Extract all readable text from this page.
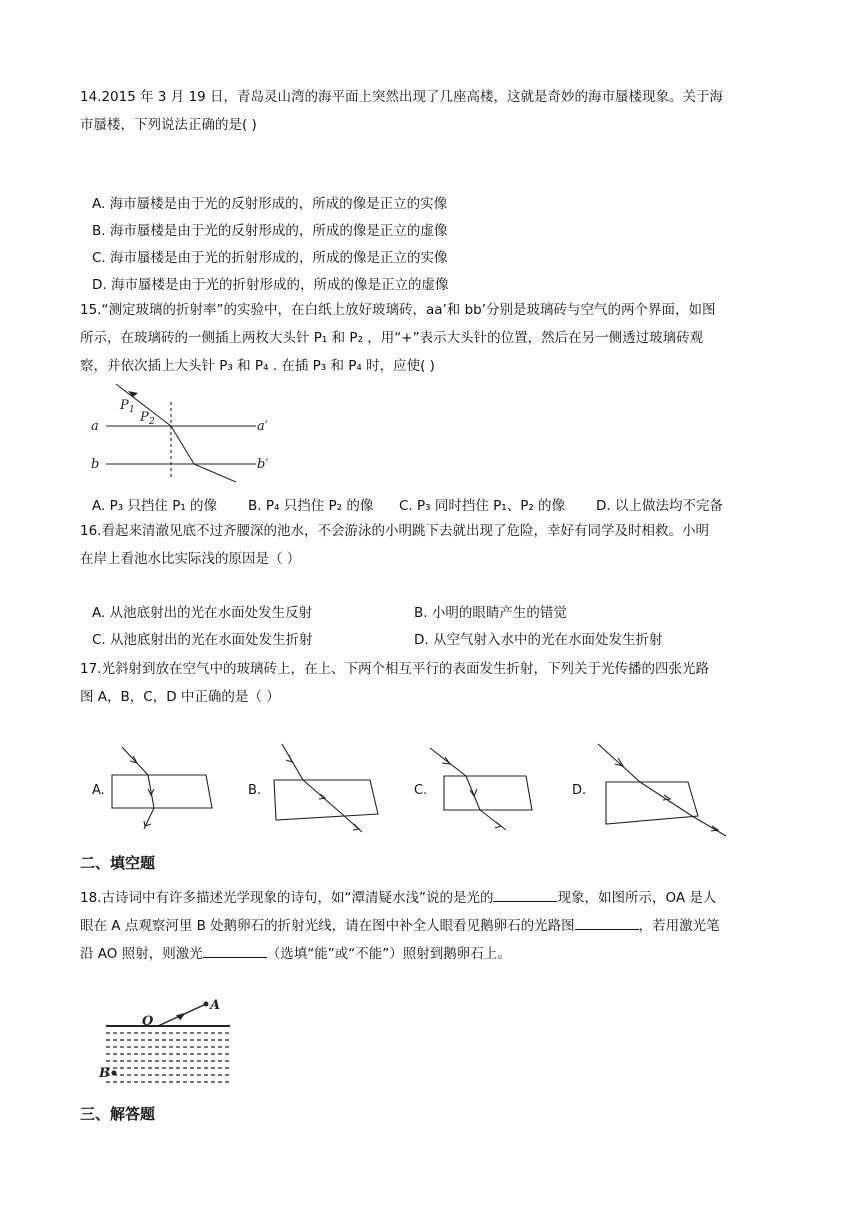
14.2015 年 3 月 19 日，青岛灵山湾的海平面上突然出现了几座高楼，这就是奇妙的海市蜃楼现象。关于海
市蜃楼，下列说法正确的是( )

A. 海市蜃楼是由于光的反射形成的，所成的像是正立的实像
B. 海市蜃楼是由于光的反射形成的，所成的像是正立的虚像
C. 海市蜃楼是由于光的折射形成的，所成的像是正立的实像
D. 海市蜃楼是由于光的折射形成的，所成的像是正立的虚像

15.“测定玻璃的折射率”的实验中，在白纸上放好玻璃砖，aa’和 bb’分别是玻璃砖与空气的两个界面，如图
所示，在玻璃砖的一侧插上两枚大头针 P₁ 和 P₂ ，用“+”表示大头针的位置，然后在另一侧透过玻璃砖观
察，并依次插上大头针 P₃ 和 P₄ . 在插 P₃ 和 P₄ 时，应使( )

a	a′
b	b′
P 1 P 2
A. P₃ 只挡住 P₁ 的像 B. P₄ 只挡住 P₂ 的像 C. P₃ 同时挡住 P₁、P₂ 的像 D. 以上做法均不完备

16.看起来清澈见底不过齐腰深的池水，不会游泳的小明跳下去就出现了危险，幸好有同学及时相救。小明
在岸上看池水比实际浅的原因是（ ）

A. 从池底射出的光在水面处发生反射	B. 小明的眼睛产生的错觉
C. 从池底射出的光在水面处发生折射	D. 从空气射入水中的光在水面处发生折射

17.光斜射到放在空气中的玻璃砖上，在上、下两个相互平行的表面发生折射，下列关于光传播的四张光路
图 A，B，C，D 中正确的是（ ）

A.	B.	C.	D.
二、填空题

18.古诗词中有许多描述光学现象的诗句，如“潭清疑水浅”说的是光的	现象，如图所示，OA 是人
眼在 A 点观察河里 B 处鹅卵石的折射光线，请在图中补全人眼看见鹅卵石的光路图	，若用激光笔
沿 AO 照射，则激光	（选填“能”或“不能”）照射到鹅卵石上。

O
A
B
三、解答题
